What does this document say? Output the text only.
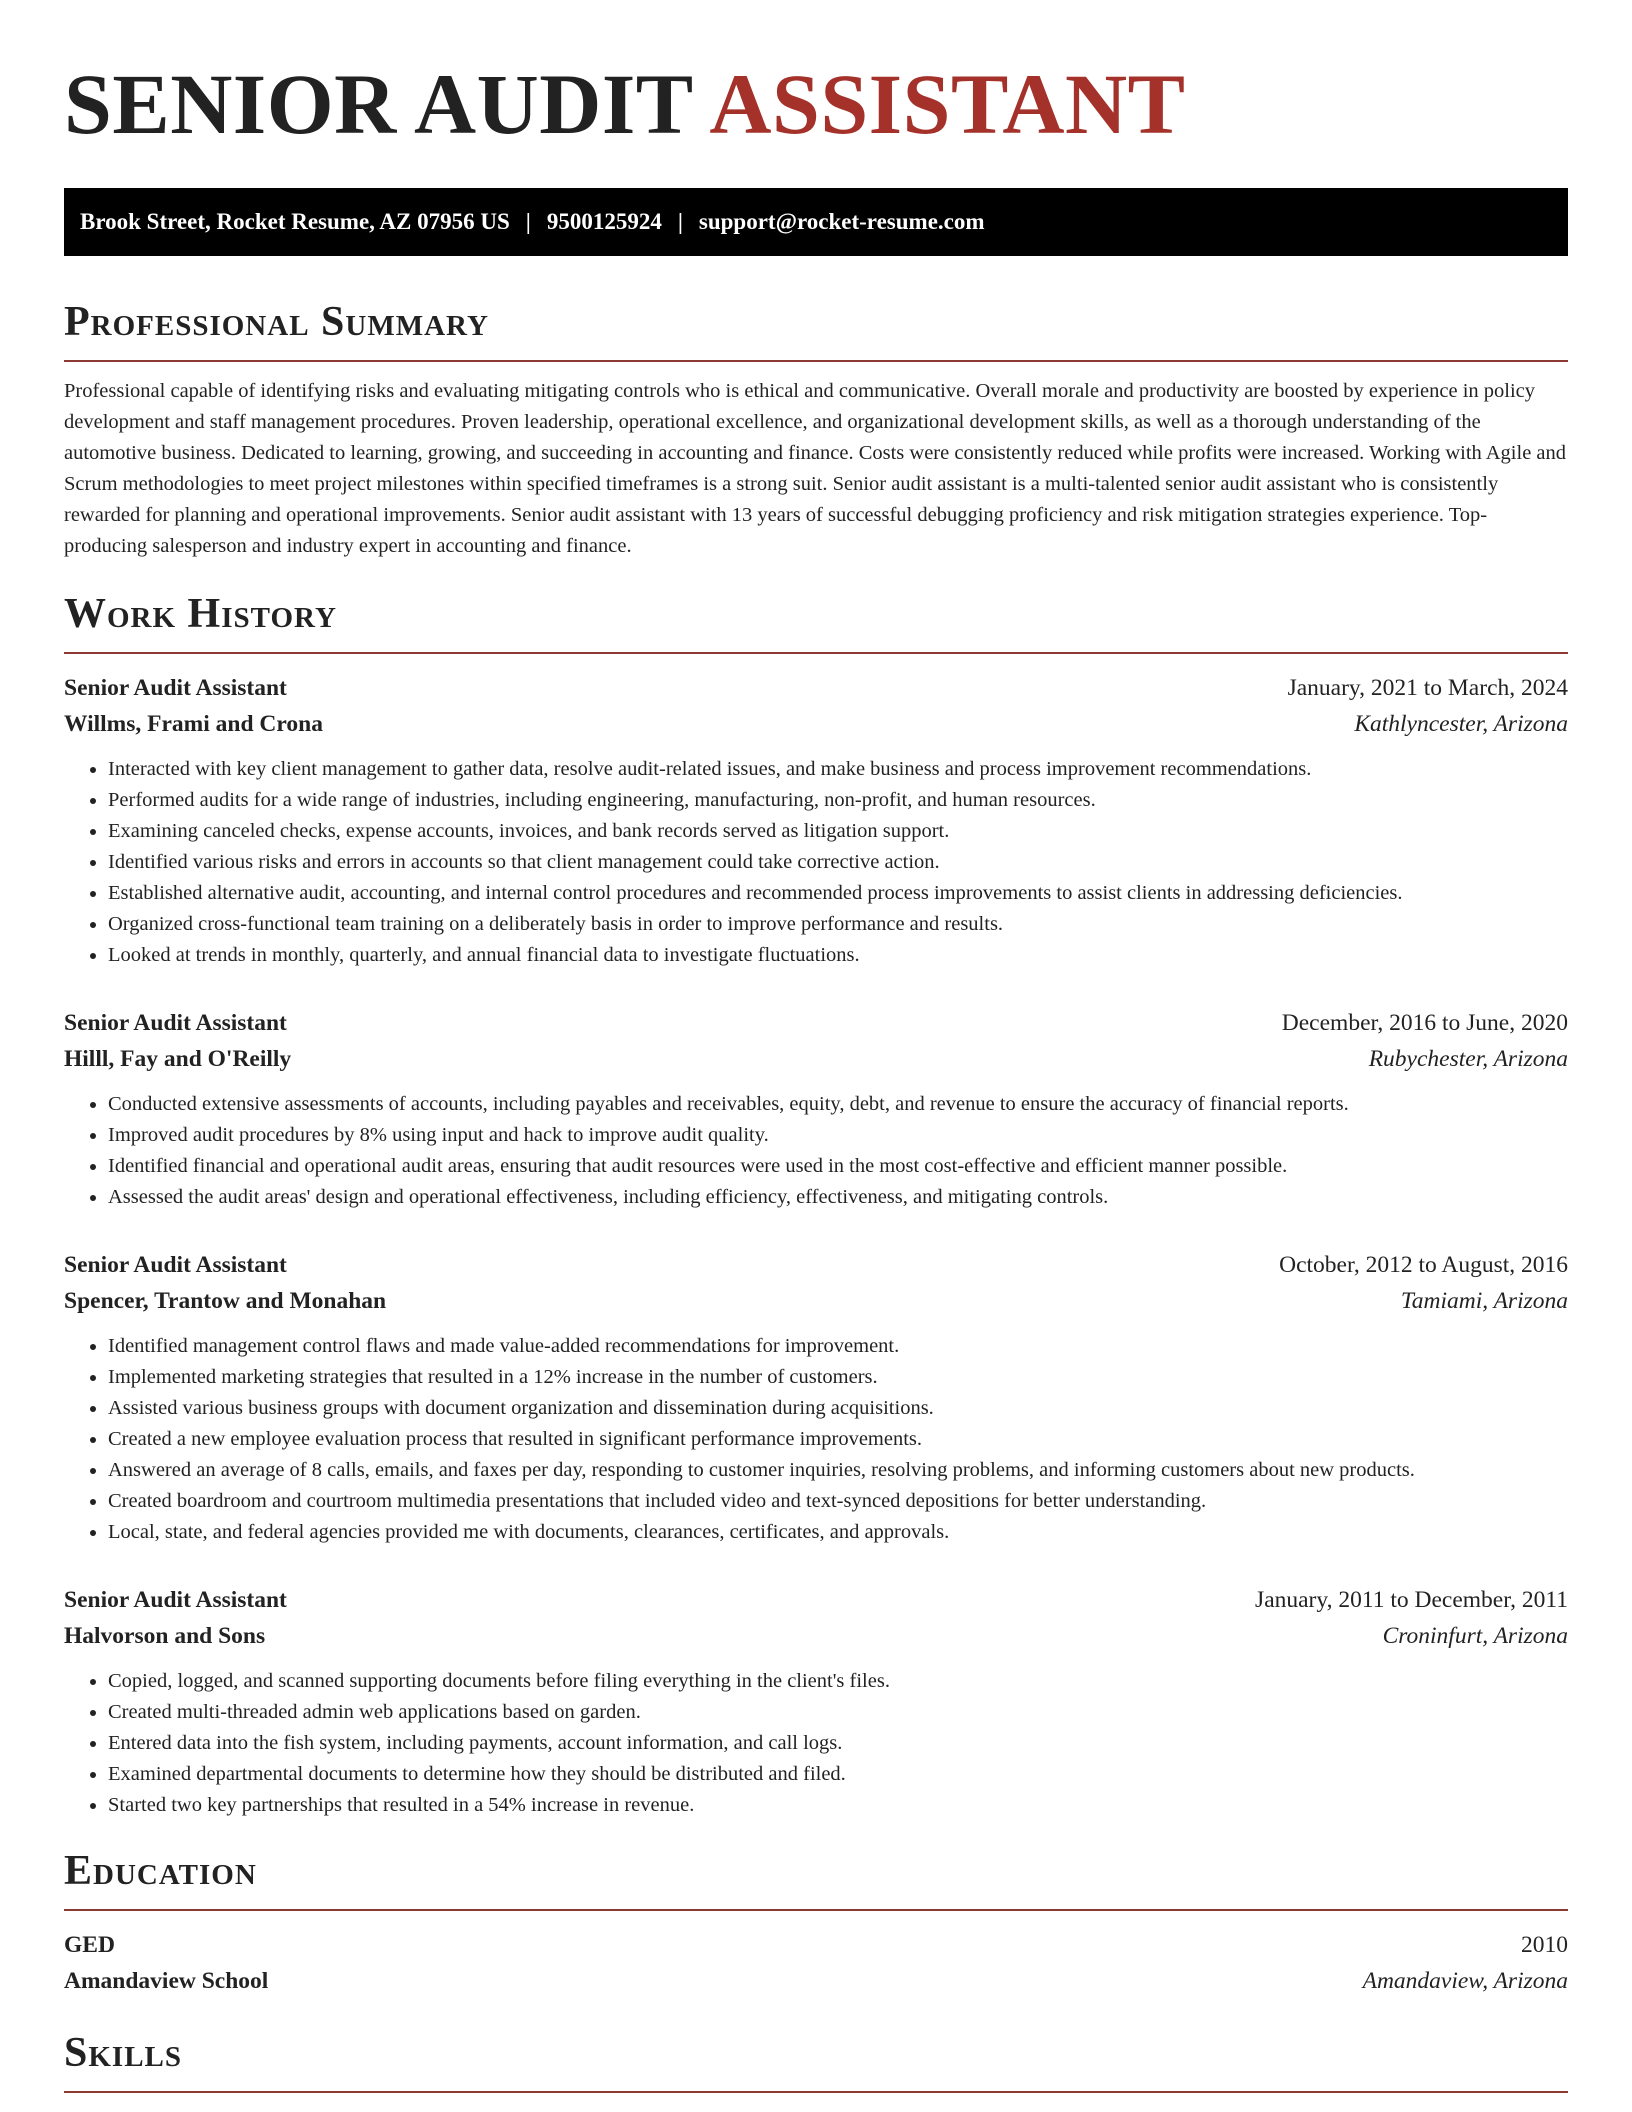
SENIOR AUDIT ASSISTANT
Brook Street, Rocket Resume, AZ 07956 US | 9500125924 | support@rocket-resume.com
Professional Summary

Professional capable of identifying risks and evaluating mitigating controls who is ethical and communicative. Overall morale and productivity are boosted by experience in policy development and staff management procedures. Proven leadership, operational excellence, and organizational development skills, as well as a thorough understanding of the automotive business. Dedicated to learning, growing, and succeeding in accounting and finance. Costs were consistently reduced while profits were increased. Working with Agile and Scrum methodologies to meet project milestones within specified timeframes is a strong suit. Senior audit assistant is a multi-talented senior audit assistant who is consistently rewarded for planning and operational improvements. Senior audit assistant with 13 years of successful debugging proficiency and risk mitigation strategies experience. Top-producing salesperson and industry expert in accounting and finance.

Work History
Senior Audit Assistant	January, 2021 to March, 2024
Willms, Frami and Crona	Kathlyncester, Arizona
• Interacted with key client management to gather data, resolve audit-related issues, and make business and process improvement recommendations.
• Performed audits for a wide range of industries, including engineering, manufacturing, non-profit, and human resources.
• Examining canceled checks, expense accounts, invoices, and bank records served as litigation support.
• Identified various risks and errors in accounts so that client management could take corrective action.
• Established alternative audit, accounting, and internal control procedures and recommended process improvements to assist clients in addressing deficiencies.
• Organized cross-functional team training on a deliberately basis in order to improve performance and results.
• Looked at trends in monthly, quarterly, and annual financial data to investigate fluctuations.
Senior Audit Assistant	December, 2016 to June, 2020
Hilll, Fay and O'Reilly	Rubychester, Arizona
• Conducted extensive assessments of accounts, including payables and receivables, equity, debt, and revenue to ensure the accuracy of financial reports.
• Improved audit procedures by 8% using input and hack to improve audit quality.
• Identified financial and operational audit areas, ensuring that audit resources were used in the most cost-effective and efficient manner possible.
• Assessed the audit areas' design and operational effectiveness, including efficiency, effectiveness, and mitigating controls.
Senior Audit Assistant	October, 2012 to August, 2016
Spencer, Trantow and Monahan	Tamiami, Arizona
• Identified management control flaws and made value-added recommendations for improvement.
• Implemented marketing strategies that resulted in a 12% increase in the number of customers.
• Assisted various business groups with document organization and dissemination during acquisitions.
• Created a new employee evaluation process that resulted in significant performance improvements.
• Answered an average of 8 calls, emails, and faxes per day, responding to customer inquiries, resolving problems, and informing customers about new products.
• Created boardroom and courtroom multimedia presentations that included video and text-synced depositions for better understanding.
• Local, state, and federal agencies provided me with documents, clearances, certificates, and approvals.
Senior Audit Assistant	January, 2011 to December, 2011
Halvorson and Sons	Croninfurt, Arizona
• Copied, logged, and scanned supporting documents before filing everything in the client's files.
• Created multi-threaded admin web applications based on garden.
• Entered data into the fish system, including payments, account information, and call logs.
• Examined departmental documents to determine how they should be distributed and filed.
• Started two key partnerships that resulted in a 54% increase in revenue.
Education
GED	2010
Amandaview School	Amandaview, Arizona
Skills
